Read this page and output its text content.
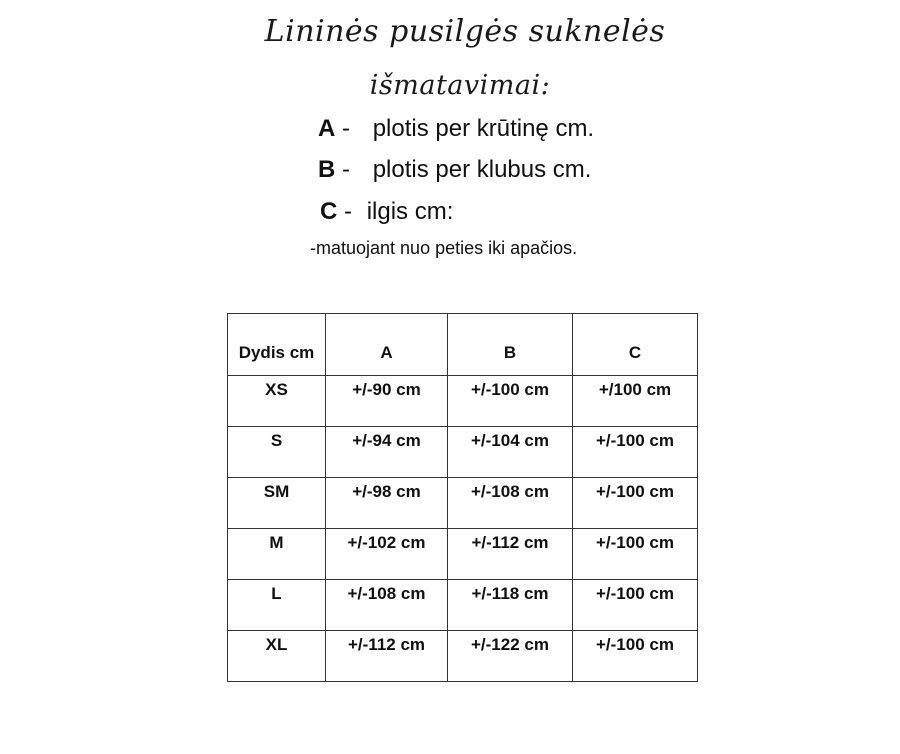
Lininės pusilgės suknelės
išmatavimai:
A - plotis per krūtinę cm.
B - plotis per klubus cm.
C - ilgis cm:
-matuojant nuo peties iki apačios.
Dydis cm	A	B	C
XS	+/-90 cm	+/-100 cm	+/100 cm
S	+/-94 cm	+/-104 cm	+/-100 cm
SM	+/-98 cm	+/-108 cm	+/-100 cm
M	+/-102 cm	+/-112 cm	+/-100 cm
L	+/-108 cm	+/-118 cm	+/-100 cm
XL	+/-112 cm	+/-122 cm	+/-100 cm
